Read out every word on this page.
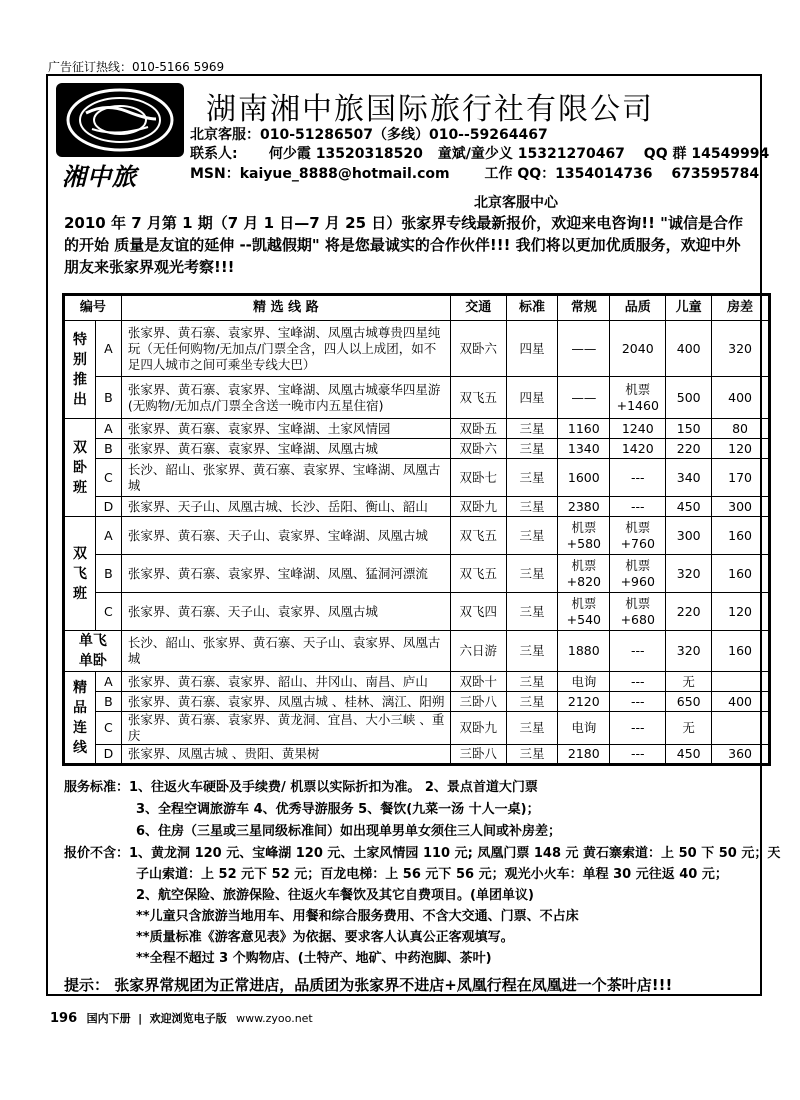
广告征订热线：010-5166 5969
湘中旅
湖南湘中旅国际旅行社有限公司
北京客服：010-51286507（多线）010--59264467
联系人: 何少霞 13520318520 童斌/童少义 15321270467 QQ 群 14549994
MSN：kaiyue_8888@hotmail.com 工作 QQ：1354014736 673595784
北京客服中心
2010 年 7 月第 1 期（7 月 1 日—7 月 25 日）张家界专线最新报价，欢迎来电咨询!! "诚信是合作的开始 质量是友谊的延伸 --凯越假期" 将是您最诚实的合作伙伴!!! 我们将以更加优质服务，欢迎中外朋友来张家界观光考察!!!
编号		精 选 线 路	交通	标准	常规	品质	儿童	房差

特
别
推
出	A	张家界、黄石寨、袁家界、宝峰湖、凤凰古城尊贵四星纯玩（无任何购物/无加点/门票全含，四人以上成团，如不足四人城市之间可乘坐专线大巴）	双卧六	四星	——	2040	400	320
	B	张家界、黄石寨、袁家界、宝峰湖、凤凰古城豪华四星游(无购物/无加点/门票全含送一晚市内五星住宿)	双飞五	四星	——	机票 +1460	500	400

双
卧
班	A	张家界、黄石寨、袁家界、宝峰湖、土家风情园	双卧五	三星	1160	1240	150	80
	B	张家界、黄石寨、袁家界、宝峰湖、凤凰古城	双卧六	三星	1340	1420	220	120
	C	长沙、韶山、张家界、黄石寨、袁家界、宝峰湖、凤凰古城	双卧七	三星	1600	---	340	170
	D	张家界、天子山、凤凰古城、长沙、岳阳、衡山、韶山	双卧九	三星	2380	---	450	300

双
飞
班	A	张家界、黄石寨、天子山、袁家界、宝峰湖、凤凰古城	双飞五	三星	机票 +580	机票 +760	300	160
	B	张家界、黄石寨、袁家界、宝峰湖、凤凰、猛洞河漂流	双飞五	三星	机票 +820	机票 +960	320	160
	C	张家界、黄石寨、天子山、袁家界、凤凰古城	双飞四	三星	机票 +540	机票 +680	220	120

单飞
单卧		长沙、韶山、张家界、黄石寨、天子山、袁家界、凤凰古城	六日游	三星	1880	---	320	160

精
品
连
线	A	张家界、黄石寨、袁家界、韶山、井冈山、南昌、庐山	双卧十	三星	电询	---	无	
	B	张家界、黄石寨、袁家界、凤凰古城 、桂林、漓江、阳朔	三卧八	三星	2120	---	650	400
	C	张家界、黄石寨、袁家界、黄龙洞、宜昌、大小三峡 、重庆	双卧九	三星	电询	---	无	
	D	张家界、凤凰古城 、贵阳、黄果树	三卧八	三星	2180	---	450	360
服务标准：1、往返火车硬卧及手续费/ 机票以实际折扣为准。 2、景点首道大门票
3、全程空调旅游车 4、优秀导游服务 5、餐饮(九菜一汤 十人一桌)；
6、住房（三星或三星同级标准间）如出现单男单女须住三人间或补房差；
报价不含：1、黄龙洞 120 元、宝峰湖 120 元、土家风情园 110 元; 凤凰门票 148 元 黄石寨索道：上 50 下 50 元；天
子山索道：上 52 元下 52 元；百龙电梯：上 56 元下 56 元；观光小火车：单程 30 元往返 40 元；
2、航空保险、旅游保险、往返火车餐饮及其它自费项目。(单团单议)
**儿童只含旅游当地用车、用餐和综合服务费用、不含大交通、门票、不占床
**质量标准《游客意见表》为依据、要求客人认真公正客观填写。
**全程不超过 3 个购物店、(土特产、地矿、中药泡脚、茶叶)
提示： 张家界常规团为正常进店，品质团为张家界不进店+凤凰行程在凤凰进一个茶叶店!!!
196 国内下册 | 欢迎浏览电子版 www.zyoo.net
